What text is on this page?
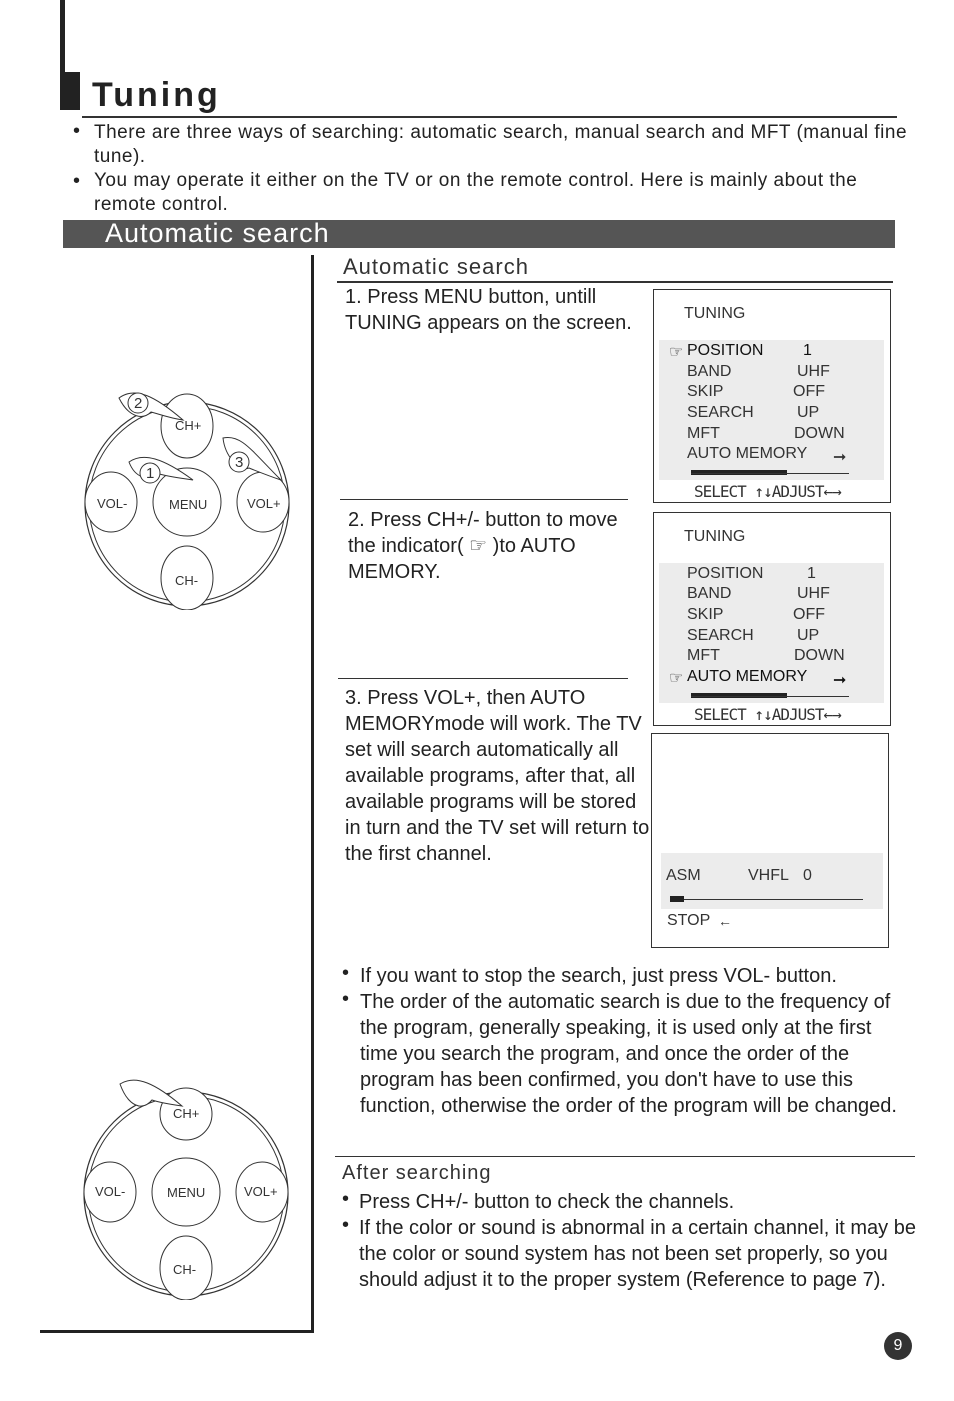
Tuning
• There are three ways of searching: automatic search, manual search and MFT (manual fine tune).
• You may operate it either on the TV or on the remote control. Here is mainly about the remote control.
Automatic search
Automatic search
1. Press MENU button, untill TUNING appears on the screen.
2. Press CH+/- button to move the indicator( ☞ )to AUTO MEMORY.
3. Press VOL+, then AUTO MEMORYmode will work. The TV set will search automatically all available programs, after that, all available programs will be stored in turn and the TV set will return to the first channel.
TUNING
☞ POSITION 1
BAND	UHF
SKIP	OFF
SEARCH	UP
MFT	DOWN
AUTO MEMORY ➞
SELECT ↑↓ADJUST←→
TUNING
POSITION	1
BAND	UHF
SKIP	OFF
SEARCH	UP
MFT	DOWN
☞ AUTO MEMORY ➞
SELECT ↑↓ADJUST←→
ASM	VHFL 0
STOP ←
• If you want to stop the search, just press VOL- button.
• The order of the automatic search is due to the frequency of the program, generally speaking, it is used only at the first time you search the program, and once the order of the program has been confirmed, you don't have to use this function, otherwise the order of the program will be changed.
After searching
• Press CH+/- button to check the channels.
• If the color or sound is abnormal in a certain channel, it may be the color or sound system has not been set properly, so you should adjust it to the proper system (Reference to page 7).
9
2
1
3
CH+
CH-
VOL-	VOL+
MENU
CH+
CH-
VOL-	VOL+
MENU
